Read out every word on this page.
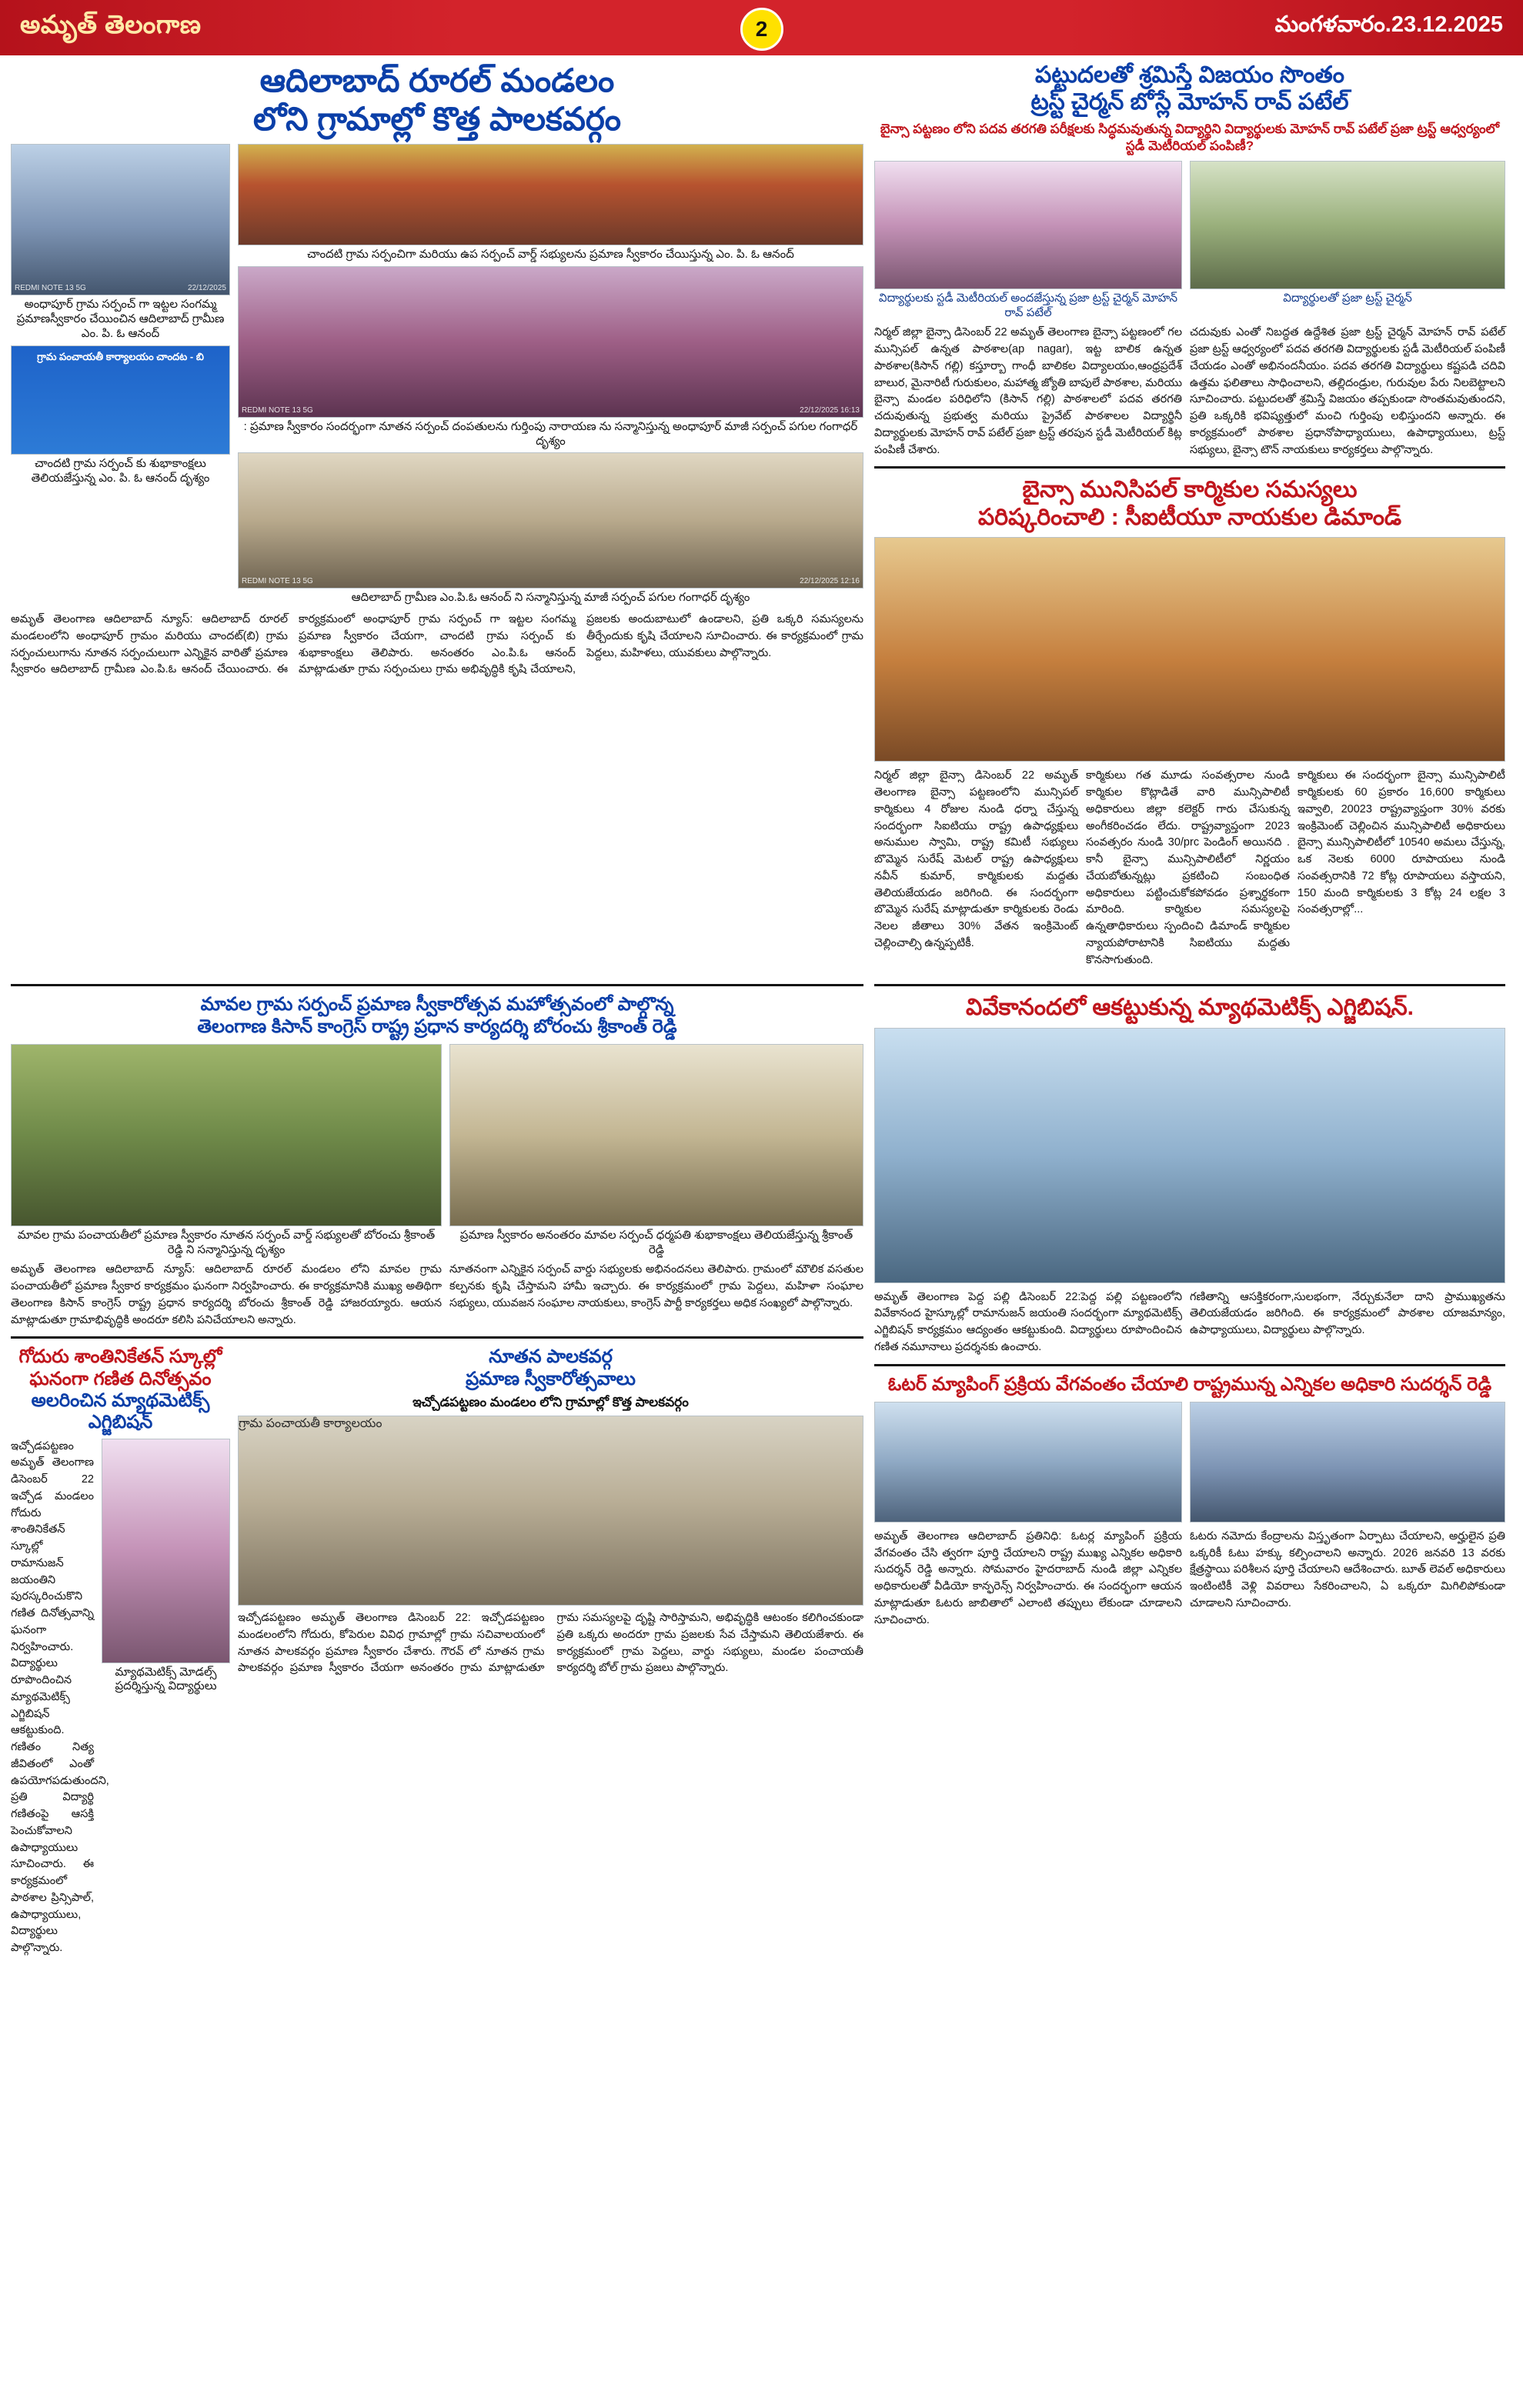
అమృత్ తెలంగాణ	2	మంగళవారం.23.12.2025
ఆదిలాబాద్ రూరల్ మండలం
లోని గ్రామాల్లో కొత్త పాలకవర్గం
REDMI NOTE 13 5G	22/12/2025
అంధాపూర్ గ్రామ సర్పంచ్ గా ఇట్టల సంగమ్మ ప్రమాణస్వీకారం చేయించిన ఆదిలాబాద్ గ్రామీణ ఎం. పి. ఓ ఆనంద్
గ్రామ పంచాయతీ కార్యాలయం చాందట - బి
చాందటి గ్రామ సర్పంచ్ కు శుభాకాంక్షలు తెలియజేస్తున్న ఎం. పి. ఓ ఆనంద్ దృశ్యం
చాందటి గ్రామ సర్పంచిగా మరియు ఉప సర్పంచ్ వార్డ్ సభ్యులను ప్రమాణ స్వీకారం చేయిస్తున్న ఎం. పి. ఓ ఆనంద్
REDMI NOTE 13 5G	22/12/2025 16:13
: ప్రమాణ స్వీకారం సందర్భంగా నూతన సర్పంచ్ దంపతులను గుర్తింపు నారాయణ ను సన్మానిస్తున్న అంధాపూర్ మాజీ సర్పంచ్ పగుల గంగాధర్ దృశ్యం
REDMI NOTE 13 5G	22/12/2025 12:16
ఆదిలాబాద్ గ్రామీణ ఎం.పి.ఓ ఆనంద్ ని సన్మానిస్తున్న మాజీ సర్పంచ్ పగుల గంగాధర్ దృశ్యం
అమృత్ తెలంగాణ ఆదిలాబాద్ న్యూస్: ఆదిలాబాద్ రూరల్ మండలంలోని అంధాపూర్ గ్రామం మరియు చాందట్(బి) గ్రామ సర్పంచులుగాను నూతన సర్పంచులుగా ఎన్నికైన వారితో ప్రమాణ స్వీకారం ఆదిలాబాద్ గ్రామీణ ఎం.పి.ఓ ఆనంద్ చేయించారు. ఈ కార్యక్రమంలో అంధాపూర్ గ్రామ సర్పంచ్ గా ఇట్టల సంగమ్మ ప్రమాణ స్వీకారం చేయగా, చాందటి గ్రామ సర్పంచ్ కు శుభాకాంక్షలు తెలిపారు. అనంతరం ఎం.పి.ఓ ఆనంద్ మాట్లాడుతూ గ్రామ సర్పంచులు గ్రామ అభివృద్ధికి కృషి చేయాలని, ప్రజలకు అందుబాటులో ఉండాలని, ప్రతి ఒక్కరి సమస్యలను తీర్చేందుకు కృషి చేయాలని సూచించారు. ఈ కార్యక్రమంలో గ్రామ పెద్దలు, మహిళలు, యువకులు పాల్గొన్నారు.
పట్టుదలతో శ్రమిస్తే విజయం సొంతం
ట్రస్ట్ చైర్మన్ బోస్లే మోహన్ రావ్ పటేల్
బైన్సా పట్టణం లోని పదవ తరగతి పరీక్షలకు సిద్ధమవుతున్న విద్యార్థిని విద్యార్థులకు మోహన్ రావ్ పటేల్ ప్రజా ట్రస్ట్ ఆధ్వర్యంలో స్టడీ మెటీరియల్ పంపిణీ?
విద్యార్థులకు స్టడీ మెటీరియల్ అందజేస్తున్న ప్రజా ట్రస్ట్ చైర్మన్ మోహన్ రావ్ పటేల్
విద్యార్థులతో ప్రజా ట్రస్ట్ చైర్మన్
నిర్మల్ జిల్లా బైన్సా డిసెంబర్ 22 అమృత్ తెలంగాణ బైన్సా పట్టణంలో గల మున్సిపల్ ఉన్నత పాఠశాల(ap nagar), ఇట్ట బాలిక ఉన్నత పాఠశాల(కిసాన్ గల్లి) కస్తూర్బా గాంధీ బాలికల విద్యాలయం,ఆంధ్రప్రదేశ్ బాలుర, మైనారిటీ గురుకులం, మహాత్మ జ్యోతి బాపులే పాఠశాల, మరియు బైన్సా మండల పరిధిలోని (కిసాన్ గల్లి) పాఠశాలలో పదవ తరగతి చదువుతున్న ప్రభుత్వ మరియు ప్రైవేట్ పాఠశాలల విద్యార్థినీ విద్యార్థులకు మోహన్ రావ్ పటేల్ ప్రజా ట్రస్ట్ తరపున స్టడీ మెటీరియల్ కిట్ల పంపిణీ చేశారు.
చదువుకు ఎంతో నిబద్ధత ఉద్దేశిత ప్రజా ట్రస్ట్ చైర్మన్ మోహన్ రావ్ పటేల్ ప్రజా ట్రస్ట్ ఆధ్వర్యంలో పదవ తరగతి విద్యార్థులకు స్టడీ మెటీరియల్ పంపిణీ చేయడం ఎంతో అభినందనీయం. పదవ తరగతి విద్యార్థులు కష్టపడి చదివి ఉత్తమ ఫలితాలు సాధించాలని, తల్లిదండ్రుల, గురువుల పేరు నిలబెట్టాలని సూచించారు. పట్టుదలతో శ్రమిస్తే విజయం తప్పకుండా సొంతమవుతుందని, ప్రతి ఒక్కరికి భవిష్యత్తులో మంచి గుర్తింపు లభిస్తుందని అన్నారు. ఈ కార్యక్రమంలో పాఠశాల ప్రధానోపాధ్యాయులు, ఉపాధ్యాయులు, ట్రస్ట్ సభ్యులు, బైన్సా టౌన్ నాయకులు కార్యకర్తలు పాల్గొన్నారు.
బైన్సా మునిసిపల్ కార్మికుల సమస్యలు
పరిష్కరించాలి : సీఐటీయూ నాయకుల డిమాండ్
నిర్మల్ జిల్లా బైన్సా డిసెంబర్ 22 అమృత్ తెలంగాణ బైన్సా పట్టణంలోని మున్సిపల్ కార్మికులు 4 రోజుల నుండి ధర్నా చేస్తున్న సందర్భంగా సిఐటియు రాష్ట్ర ఉపాధ్యక్షులు అనుముల స్వామి, రాష్ట్ర కమిటీ సభ్యులు బొమ్మెన సురేష్ మెటల్ రాష్ట్ర ఉపాధ్యక్షులు నవీన్ కుమార్, కార్మికులకు మద్దతు తెలియజేయడం జరిగింది. ఈ సందర్భంగా బొమ్మెన సురేష్ మాట్లాడుతూ కార్మికులకు రెండు నెలల జీతాలు 30% వేతన ఇంక్రిమెంట్ చెల్లించాల్సి ఉన్నప్పటికీ.
కార్మికులు గత మూడు సంవత్సరాల నుండి కార్మికుల కొట్లాడితే వారి మున్సిపాలిటీ అధికారులు జిల్లా కలెక్టర్ గారు చేసుకున్న అంగీకరించడం లేదు. రాష్ట్రవ్యాప్తంగా 2023 సంవత్సరం నుండి 30/prc పెండింగ్ అయినది . కానీ బైన్సా మున్సిపాలిటీలో నిర్ణయం చేయబోతున్నట్లు ప్రకటించి సంబంధిత అధికారులు పట్టించుకోకపోవడం ప్రశ్నార్థకంగా మారింది. కార్మికుల సమస్యలపై ఉన్నతాధికారులు స్పందించి డిమాండ్ కార్మికుల న్యాయపోరాటానికి సిఐటియు మద్దతు కొనసాగుతుంది.
కార్మికులు ఈ సందర్భంగా బైన్సా మున్సిపాలిటీ కార్మికులకు 60 ప్రకారం 16,600 కార్మికులు ఇవ్వాలి, 20023 రాష్ట్రవ్యాప్తంగా 30% వరకు ఇంక్రిమెంట్ చెల్లించిన మున్సిపాలిటీ అధికారులు బైన్సా మున్సిపాలిటీలో 10540 అమలు చేస్తున్న, ఒక నెలకు 6000 రూపాయలు నుండి సంవత్సరానికి 72 కోట్ల రూపాయలు వస్తాయని, 150 మంది కార్మికులకు 3 కోట్ల 24 లక్షల 3 సంవత్సరాల్లో...
మావల గ్రామ సర్పంచ్ ప్రమాణ స్వీకారోత్సవ మహోత్సవంలో పాల్గొన్న
తెలంగాణ కిసాన్ కాంగ్రెస్ రాష్ట్ర ప్రధాన కార్యదర్శి బోరంచు శ్రీకాంత్ రెడ్డి
మావల గ్రామ పంచాయతీలో ప్రమాణ స్వీకారం నూతన సర్పంచ్ వార్డ్ సభ్యులతో బోరంచు శ్రీకాంత్ రెడ్డి ని సన్మానిస్తున్న దృశ్యం
ప్రమాణ స్వీకారం అనంతరం మావల సర్పంచ్ ధర్మపతి శుభాకాంక్షలు తెలియజేస్తున్న శ్రీకాంత్ రెడ్డి
అమృత్ తెలంగాణ ఆదిలాబాద్ న్యూస్: ఆదిలాబాద్ రూరల్ మండలం లోని మావల గ్రామ పంచాయతీలో ప్రమాణ స్వీకార కార్యక్రమం ఘనంగా నిర్వహించారు. ఈ కార్యక్రమానికి ముఖ్య అతిథిగా తెలంగాణ కిసాన్ కాంగ్రెస్ రాష్ట్ర ప్రధాన కార్యదర్శి బోరంచు శ్రీకాంత్ రెడ్డి హాజరయ్యారు. ఆయన మాట్లాడుతూ గ్రామాభివృద్ధికి అందరూ కలిసి పనిచేయాలని అన్నారు.
నూతనంగా ఎన్నికైన సర్పంచ్ వార్డు సభ్యులకు అభినందనలు తెలిపారు. గ్రామంలో మౌలిక వసతుల కల్పనకు కృషి చేస్తామని హామీ ఇచ్చారు. ఈ కార్యక్రమంలో గ్రామ పెద్దలు, మహిళా సంఘాల సభ్యులు, యువజన సంఘాల నాయకులు, కాంగ్రెస్ పార్టీ కార్యకర్తలు అధిక సంఖ్యలో పాల్గొన్నారు.
గోదురు శాంతినికేతన్ స్కూల్లో
ఘనంగా గణిత దినోత్సవం
అలరించిన మ్యాథమెటిక్స్ ఎగ్జిబిషన్
ఇచ్చోడపట్టణం అమృత్ తెలంగాణ డిసెంబర్ 22 ఇచ్చోడ మండలం గోదురు శాంతినికేతన్ స్కూల్లో రామానుజన్ జయంతిని పురస్కరించుకొని గణిత దినోత్సవాన్ని ఘనంగా నిర్వహించారు. విద్యార్థులు రూపొందించిన మ్యాథమెటిక్స్ ఎగ్జిబిషన్ ఆకట్టుకుంది. గణితం నిత్య జీవితంలో ఎంతో ఉపయోగపడుతుందని, ప్రతి విద్యార్థి గణితంపై ఆసక్తి పెంచుకోవాలని ఉపాధ్యాయులు సూచించారు. ఈ కార్యక్రమంలో పాఠశాల ప్రిన్సిపాల్, ఉపాధ్యాయులు, విద్యార్థులు పాల్గొన్నారు.
మ్యాథమెటిక్స్ మోడల్స్ ప్రదర్శిస్తున్న విద్యార్థులు
నూతన పాలకవర్గ
ప్రమాణ స్వీకారోత్సవాలు
ఇచ్చోడపట్టణం మండలం లోని గ్రామాల్లో కొత్త పాలకవర్గం
గ్రామ పంచాయతీ కార్యాలయం
ఇచ్చోడపట్టణం అమృత్ తెలంగాణ డిసెంబర్ 22: ఇచ్చోడపట్టణం మండలంలోని గోదురు, కోపెరుల వివిధ గ్రామాల్లో గ్రామ సచివాలయంలో నూతన పాలకవర్గం ప్రమాణ స్వీకారం చేశారు. గౌరవ్ లో నూతన గ్రామ పాలకవర్గం ప్రమాణ స్వీకారం చేయగా అనంతరం గ్రామ మాట్లాడుతూ గ్రామ సమస్యలపై దృష్టి సారిస్తామని, అభివృద్ధికి ఆటంకం కలిగించకుండా ప్రతి ఒక్కరు అందరూ గ్రామ ప్రజలకు సేవ చేస్తామని తెలియజేశారు. ఈ కార్యక్రమంలో గ్రామ పెద్దలు, వార్డు సభ్యులు, మండల పంచాయతీ కార్యదర్శి బోల్ గ్రామ ప్రజలు పాల్గొన్నారు.
వివేకానందలో ఆకట్టుకున్న మ్యాథమెటిక్స్ ఎగ్జిబిషన్.
అమృత్ తెలంగాణ పెద్ద పల్లి డిసెంబర్ 22:పెద్ద పల్లి పట్టణంలోని వివేకానంద హైస్కూల్లో రామానుజన్ జయంతి సందర్భంగా మ్యాథమెటిక్స్ ఎగ్జిబిషన్ కార్యక్రమం ఆద్యంతం ఆకట్టుకుంది. విద్యార్థులు రూపొందించిన గణిత నమూనాలు ప్రదర్శనకు ఉంచారు.
గణితాన్ని ఆసక్తికరంగా,సులభంగా, నేర్చుకునేలా దాని ప్రాముఖ్యతను తెలియజేయడం జరిగింది. ఈ కార్యక్రమంలో పాఠశాల యాజమాన్యం, ఉపాధ్యాయులు, విద్యార్థులు పాల్గొన్నారు.
ఓటర్ మ్యాపింగ్ ప్రక్రియ వేగవంతం చేయాలి రాష్ట్రమున్న ఎన్నికల అధికారి సుదర్శన్ రెడ్డి
అమృత్ తెలంగాణ ఆదిలాబాద్ ప్రతినిధి: ఓటర్ల మ్యాపింగ్ ప్రక్రియ వేగవంతం చేసి త్వరగా పూర్తి చేయాలని రాష్ట్ర ముఖ్య ఎన్నికల అధికారి సుదర్శన్ రెడ్డి అన్నారు. సోమవారం హైదరాబాద్ నుండి జిల్లా ఎన్నికల అధికారులతో వీడియో కాన్ఫరెన్స్ నిర్వహించారు. ఈ సందర్భంగా ఆయన మాట్లాడుతూ ఓటరు జాబితాలో ఎలాంటి తప్పులు లేకుండా చూడాలని సూచించారు.
ఓటరు నమోదు కేంద్రాలను విస్తృతంగా ఏర్పాటు చేయాలని, అర్హులైన ప్రతి ఒక్కరికీ ఓటు హక్కు కల్పించాలని అన్నారు. 2026 జనవరి 13 వరకు క్షేత్రస్థాయి పరిశీలన పూర్తి చేయాలని ఆదేశించారు. బూత్ లెవల్ అధికారులు ఇంటింటికీ వెళ్లి వివరాలు సేకరించాలని, ఏ ఒక్కరూ మిగిలిపోకుండా చూడాలని సూచించారు.
